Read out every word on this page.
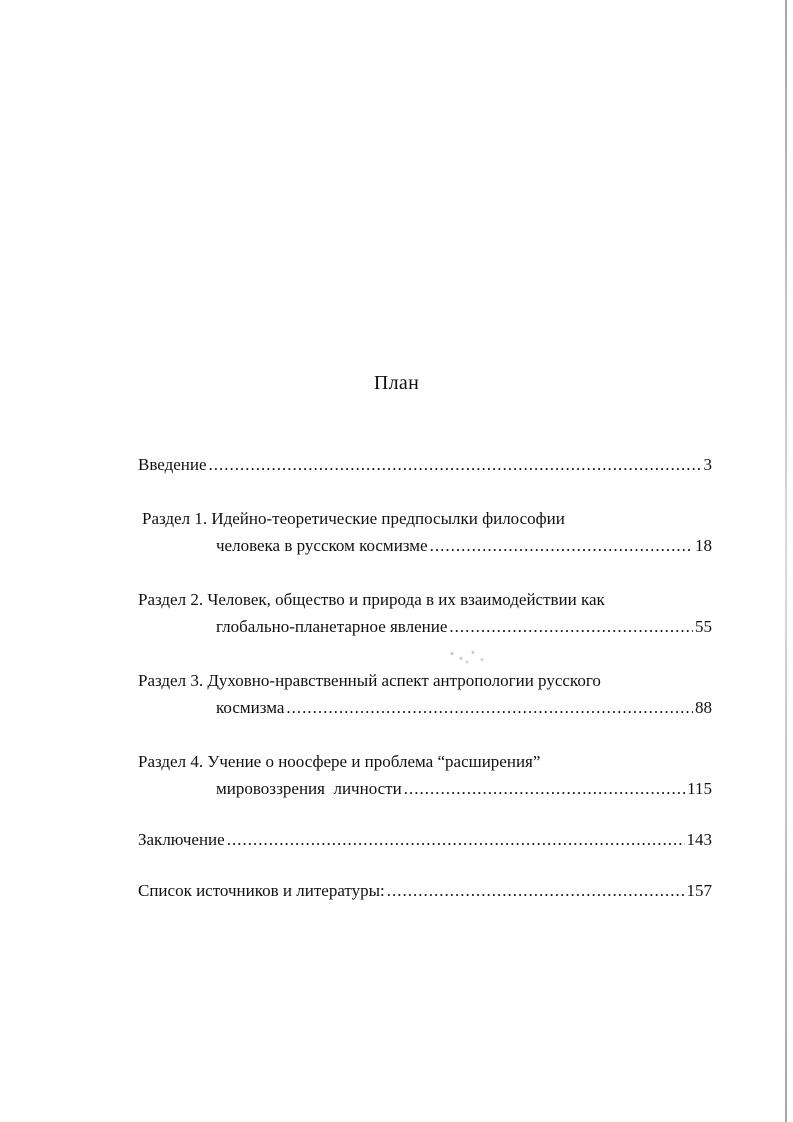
План
Введение .....	3
Раздел 1. Идейно-теоретические предпосылки философии
человека в русском космизме .....	18
Раздел 2. Человек, общество и природа в их взаимодействии как
глобально-планетарное явление .....	55
Раздел 3. Духовно-нравственный аспект антропологии русского
космизма .....	88
Раздел 4. Учение о ноосфере и проблема “расширения”
мировоззрения  личности .....	115
Заключение .....	143
Список источников и литературы: .....	157
